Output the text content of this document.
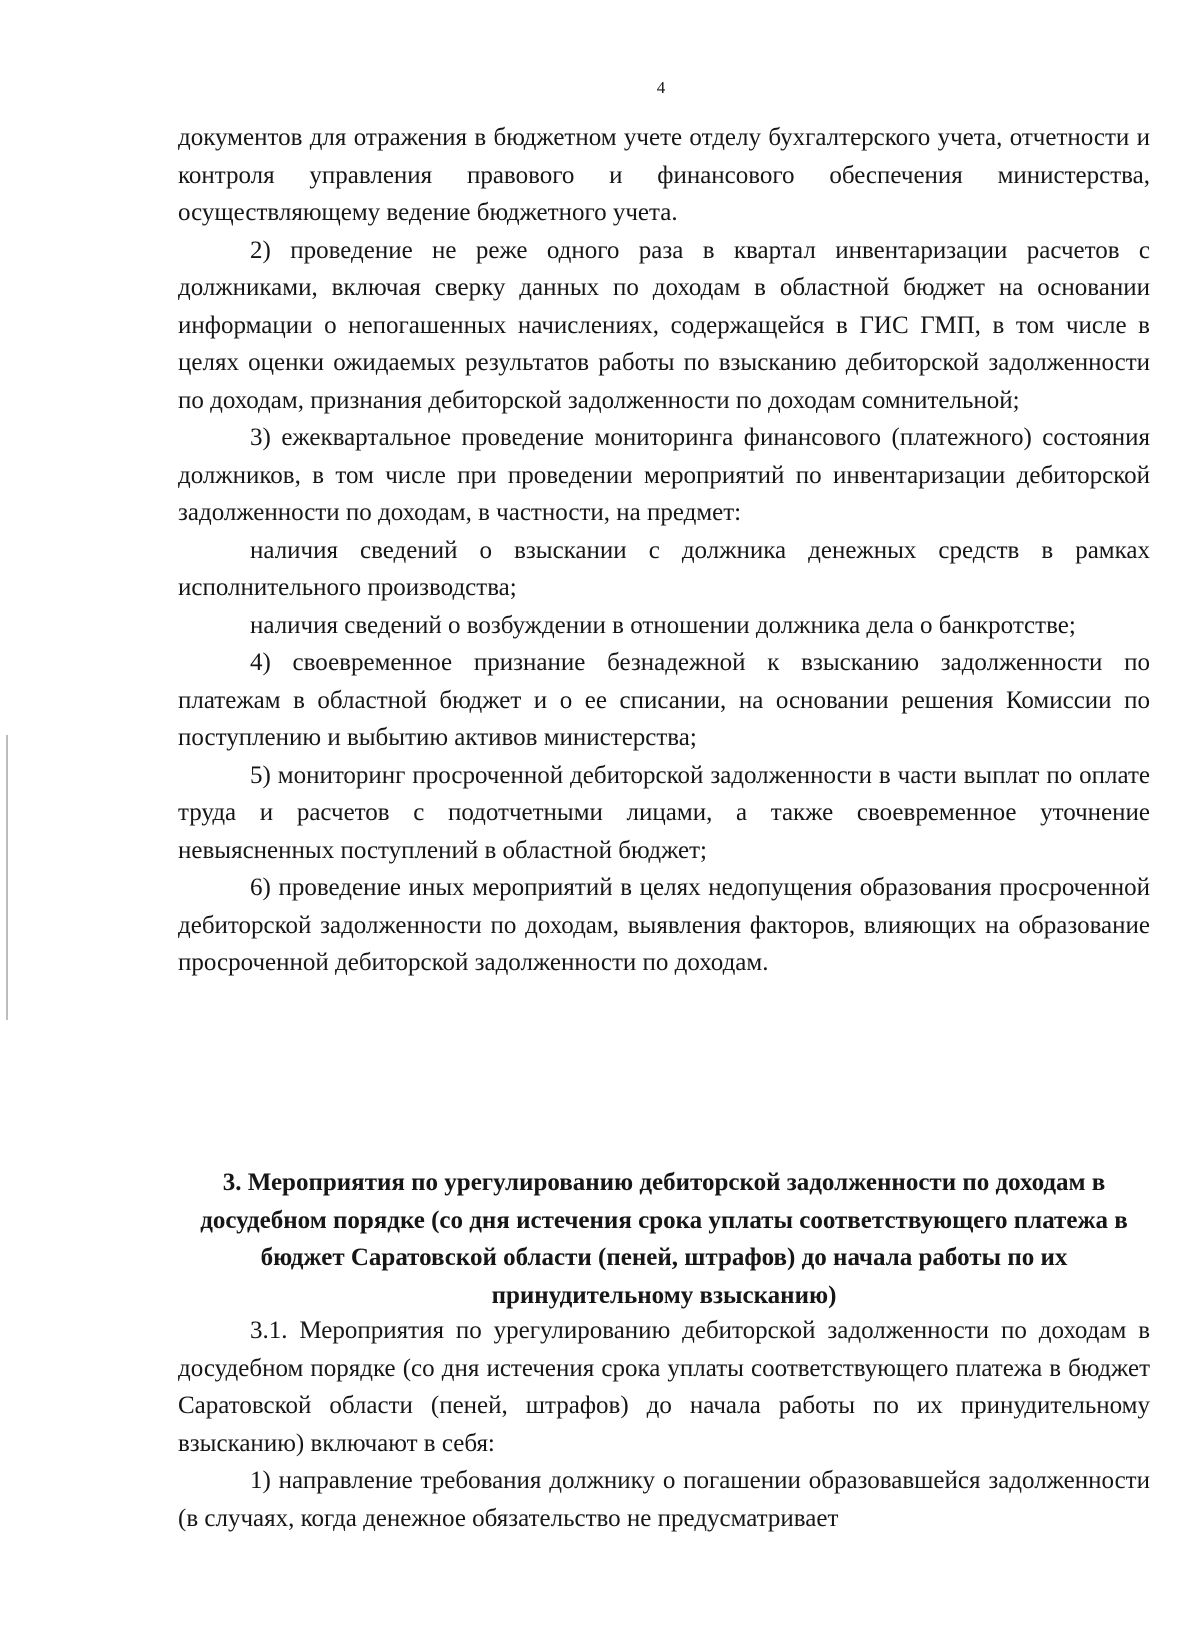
4

документов для отражения в бюджетном учете отделу бухгалтерского учета, отчетности и контроля управления правового и финансового обеспечения министерства, осуществляющему ведение бюджетного учета.

2) проведение не реже одного раза в квартал инвентаризации расчетов с должниками, включая сверку данных по доходам в областной бюджет на основании информации о непогашенных начислениях, содержащейся в ГИС ГМП, в том числе в целях оценки ожидаемых результатов работы по взысканию дебиторской задолженности по доходам, признания дебиторской задолженности по доходам сомнительной;

3) ежеквартальное проведение мониторинга финансового (платежного) состояния должников, в том числе при проведении мероприятий по инвентаризации дебиторской задолженности по доходам, в частности, на предмет:

наличия сведений о взыскании с должника денежных средств в рамках исполнительного производства;

наличия сведений о возбуждении в отношении должника дела о банкротстве;

4) своевременное признание безнадежной к взысканию задолженности по платежам в областной бюджет и о ее списании, на основании решения Комиссии по поступлению и выбытию активов министерства;

5) мониторинг просроченной дебиторской задолженности в части выплат по оплате труда и расчетов с подотчетными лицами, а также своевременное уточнение невыясненных поступлений в областной бюджет;

6) проведение иных мероприятий в целях недопущения образования просроченной дебиторской задолженности по доходам, выявления факторов, влияющих на образование просроченной дебиторской задолженности по доходам.

3. Мероприятия по урегулированию дебиторской задолженности по доходам в досудебном порядке (со дня истечения срока уплаты соответствующего платежа в бюджет Саратовской области (пеней, штрафов) до начала работы по их принудительному взысканию)

3.1. Мероприятия по урегулированию дебиторской задолженности по доходам в досудебном порядке (со дня истечения срока уплаты соответствующего платежа в бюджет Саратовской области (пеней, штрафов) до начала работы по их принудительному взысканию) включают в себя:

1) направление требования должнику о погашении образовавшейся задолженности (в случаях, когда денежное обязательство не предусматривает
